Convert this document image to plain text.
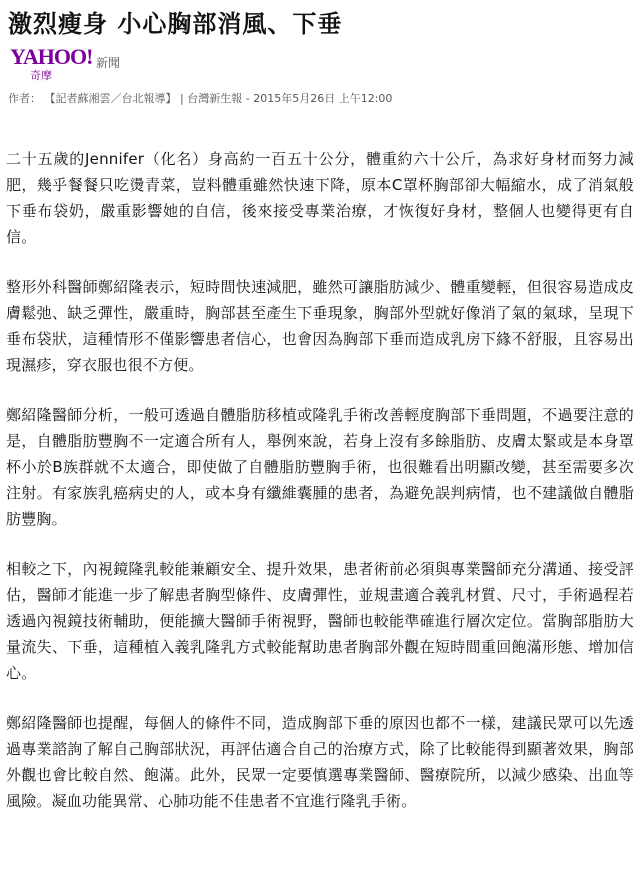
激烈瘦身 小心胸部消風、下垂
YAHOO!
奇摩
新聞
作者： 【記者蘇湘雲／台北報導】 | 台灣新生報 ‐ 2015年5月26日 上午12:00

二十五歲的Jennifer（化名）身高約一百五十公分，體重約六十公斤，為求好身材而努力減肥，幾乎餐餐只吃燙青菜，豈料體重雖然快速下降，原本C罩杯胸部卻大幅縮水，成了消氣般下垂布袋奶，嚴重影響她的自信，後來接受專業治療，才恢復好身材，整個人也變得更有自信。

整形外科醫師鄭紹隆表示，短時間快速減肥，雖然可讓脂肪減少、體重變輕，但很容易造成皮膚鬆弛、缺乏彈性，嚴重時，胸部甚至產生下垂現象，胸部外型就好像消了氣的氣球，呈現下垂布袋狀，這種情形不僅影響患者信心，也會因為胸部下垂而造成乳房下緣不舒服，且容易出現濕疹，穿衣服也很不方便。

鄭紹隆醫師分析，一般可透過自體脂肪移植或隆乳手術改善輕度胸部下垂問題，不過要注意的是，自體脂肪豐胸不一定適合所有人，舉例來說，若身上沒有多餘脂肪、皮膚太緊或是本身罩杯小於B族群就不太適合，即使做了自體脂肪豐胸手術，也很難看出明顯改變，甚至需要多次注射。有家族乳癌病史的人，或本身有纖維囊腫的患者，為避免誤判病情，也不建議做自體脂肪豐胸。

相較之下，內視鏡隆乳較能兼顧安全、提升效果，患者術前必須與專業醫師充分溝通、接受評估，醫師才能進一步了解患者胸型條件、皮膚彈性，並規畫適合義乳材質、尺寸，手術過程若透過內視鏡技術輔助，便能擴大醫師手術視野，醫師也較能準確進行層次定位。當胸部脂肪大量流失、下垂，這種植入義乳隆乳方式較能幫助患者胸部外觀在短時間重回飽滿形態、增加信心。

鄭紹隆醫師也提醒，每個人的條件不同，造成胸部下垂的原因也都不一樣，建議民眾可以先透過專業諮詢了解自己胸部狀況，再評估適合自己的治療方式，除了比較能得到顯著效果，胸部外觀也會比較自然、飽滿。此外，民眾一定要慎選專業醫師、醫療院所，以減少感染、出血等風險。凝血功能異常、心肺功能不佳患者不宜進行隆乳手術。
